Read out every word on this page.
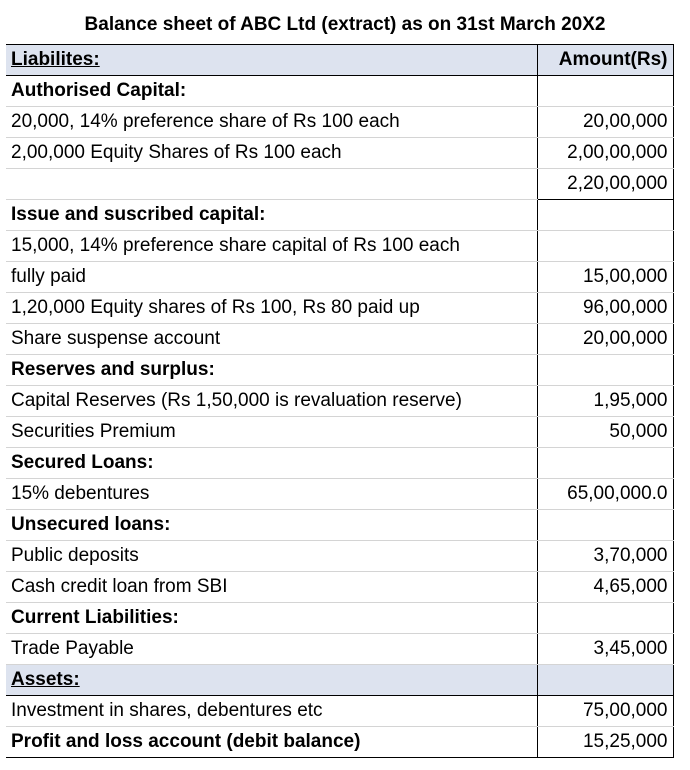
Balance sheet of ABC Ltd (extract) as on 31st March 20X2
Liabilites:	Amount(Rs)
Authorised Capital:	
20,000, 14% preference share of Rs 100 each	20,00,000
2,00,000 Equity Shares of Rs 100 each	2,00,00,000
	2,20,00,000
Issue and suscribed capital:	
15,000, 14% preference share capital of Rs 100 each	
fully paid	15,00,000
1,20,000 Equity shares of Rs 100, Rs 80 paid up	96,00,000
Share suspense account	20,00,000
Reserves and surplus:	
Capital Reserves (Rs 1,50,000 is revaluation reserve)	1,95,000
Securities Premium	50,000
Secured Loans:	
15% debentures	65,00,000.0
Unsecured loans:	
Public deposits	3,70,000
Cash credit loan from SBI	4,65,000
Current Liabilities:	
Trade Payable	3,45,000
Assets:	
Investment in shares, debentures etc	75,00,000
Profit and loss account (debit balance)	15,25,000
